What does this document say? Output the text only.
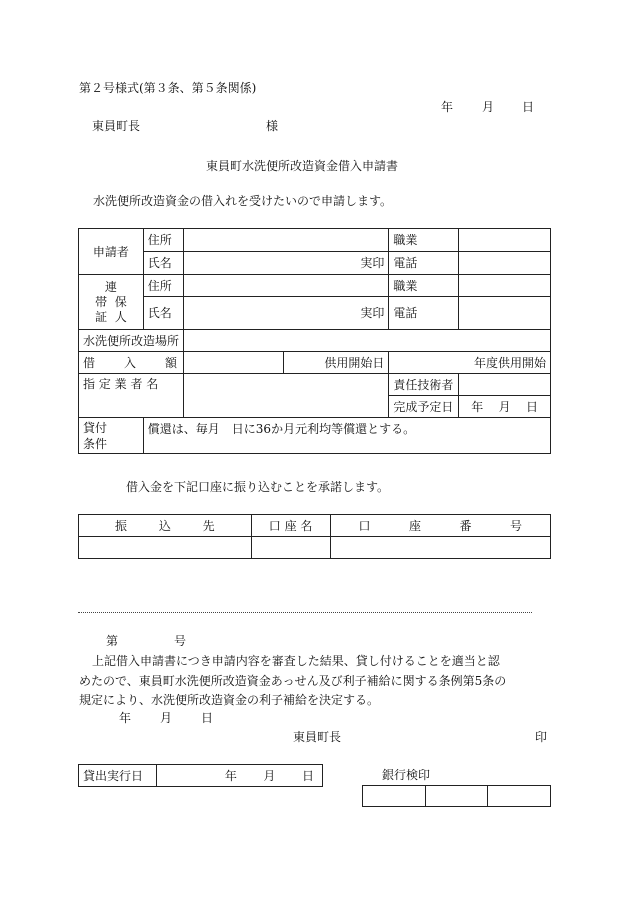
第２号様式(第３条、第５条関係)
年 月 日
東員町長	様
東員町水洗便所改造資金借入申請書
水洗便所改造資金の借入れを受けたいので申請します。
申請者	住所			職業	
	氏名	実印		電話	

連
帯 保
証 人	住所			職業	
	氏名	実印		電話	
水洗便所改造場所					

借 入 額			供用開始日	年度供用開始	
指 定 業 者 名				責任技術者	
				完成予定日	年 月 日

貸付
条件	償還は、毎月　日に36か月元利均等償還とする。				
借入金を下記口座に振り込むことを承諾します。
振 込 先	口 座 名	口 座 番 号

第	号
上記借入申請書につき申請内容を審査した結果、貸し付けることを適当と認
めたので、東員町水洗便所改造資金あっせん及び利子補給に関する条例第5条の
規定により、水洗便所改造資金の利子補給を決定する。
年 月 日
東員町長	印
貸出実行日	年 月 日	銀行検印
